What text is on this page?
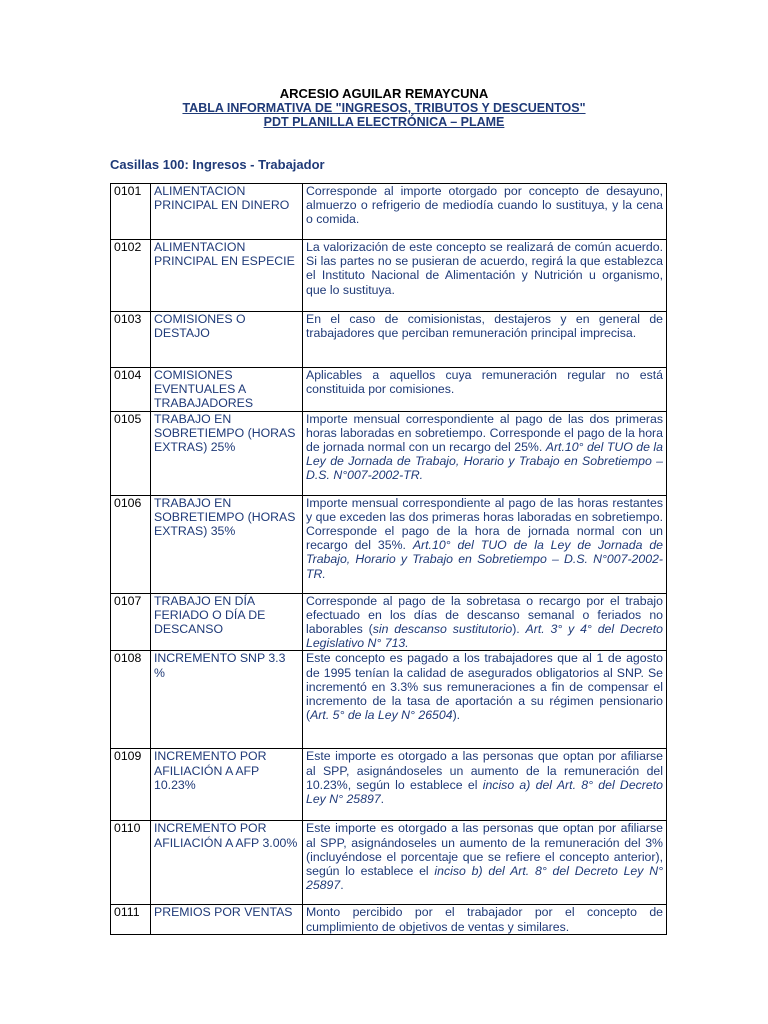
ARCESIO AGUILAR REMAYCUNA
TABLA INFORMATIVA DE "INGRESOS, TRIBUTOS Y DESCUENTOS"
PDT PLANILLA ELECTRÓNICA – PLAME
Casillas 100: Ingresos - Trabajador
0101	ALIMENTACION PRINCIPAL EN DINERO	Corresponde al importe otorgado por concepto de desayuno, almuerzo o refrigerio de mediodía cuando lo sustituya, y la cena o comida.
0102	ALIMENTACION PRINCIPAL EN ESPECIE	La valorización de este concepto se realizará de común acuerdo. Si las partes no se pusieran de acuerdo, regirá la que establezca el Instituto Nacional de Alimentación y Nutrición u organismo, que lo sustituya.
0103	COMISIONES O DESTAJO	En el caso de comisionistas, destajeros y en general de trabajadores que perciban remuneración principal imprecisa.
0104	COMISIONES EVENTUALES A TRABAJADORES	Aplicables a aquellos cuya remuneración regular no está constituida por comisiones.
0105	TRABAJO EN SOBRETIEMPO (HORAS EXTRAS) 25%	Importe mensual correspondiente al pago de las dos primeras horas laboradas en sobretiempo. Corresponde el pago de la hora de jornada normal con un recargo del 25%. Art.10° del TUO de la Ley de Jornada de Trabajo, Horario y Trabajo en Sobretiempo – D.S. N°007-2002-TR.
0106	TRABAJO EN SOBRETIEMPO (HORAS EXTRAS) 35%	Importe mensual correspondiente al pago de las horas restantes y que exceden las dos primeras horas laboradas en sobretiempo. Corresponde el pago de la hora de jornada normal con un recargo del 35%. Art.10° del TUO de la Ley de Jornada de Trabajo, Horario y Trabajo en Sobretiempo – D.S. N°007-2002-TR.
0107	TRABAJO EN DÍA FERIADO O DÍA DE DESCANSO	Corresponde al pago de la sobretasa o recargo por el trabajo efectuado en los días de descanso semanal o feriados no laborables (sin descanso sustitutorio). Art. 3° y 4° del Decreto Legislativo N° 713.
0108	INCREMENTO SNP 3.3 %	Este concepto es pagado a los trabajadores que al 1 de agosto de 1995 tenían la calidad de asegurados obligatorios al SNP. Se incrementó en 3.3% sus remuneraciones a fin de compensar el incremento de la tasa de aportación a su régimen pensionario (Art. 5° de la Ley N° 26504).
0109	INCREMENTO POR AFILIACIÓN A AFP 10.23%	Este importe es otorgado a las personas que optan por afiliarse al SPP, asignándoseles un aumento de la remuneración del 10.23%, según lo establece el inciso a) del Art. 8° del Decreto Ley N° 25897.
0110	INCREMENTO POR AFILIACIÓN A AFP 3.00%	Este importe es otorgado a las personas que optan por afiliarse al SPP, asignándoseles un aumento de la remuneración del 3% (incluyéndose el porcentaje que se refiere el concepto anterior), según lo establece el inciso b) del Art. 8° del Decreto Ley N° 25897.
0111	PREMIOS POR VENTAS	Monto percibido por el trabajador por el concepto de cumplimiento de objetivos de ventas y similares.
